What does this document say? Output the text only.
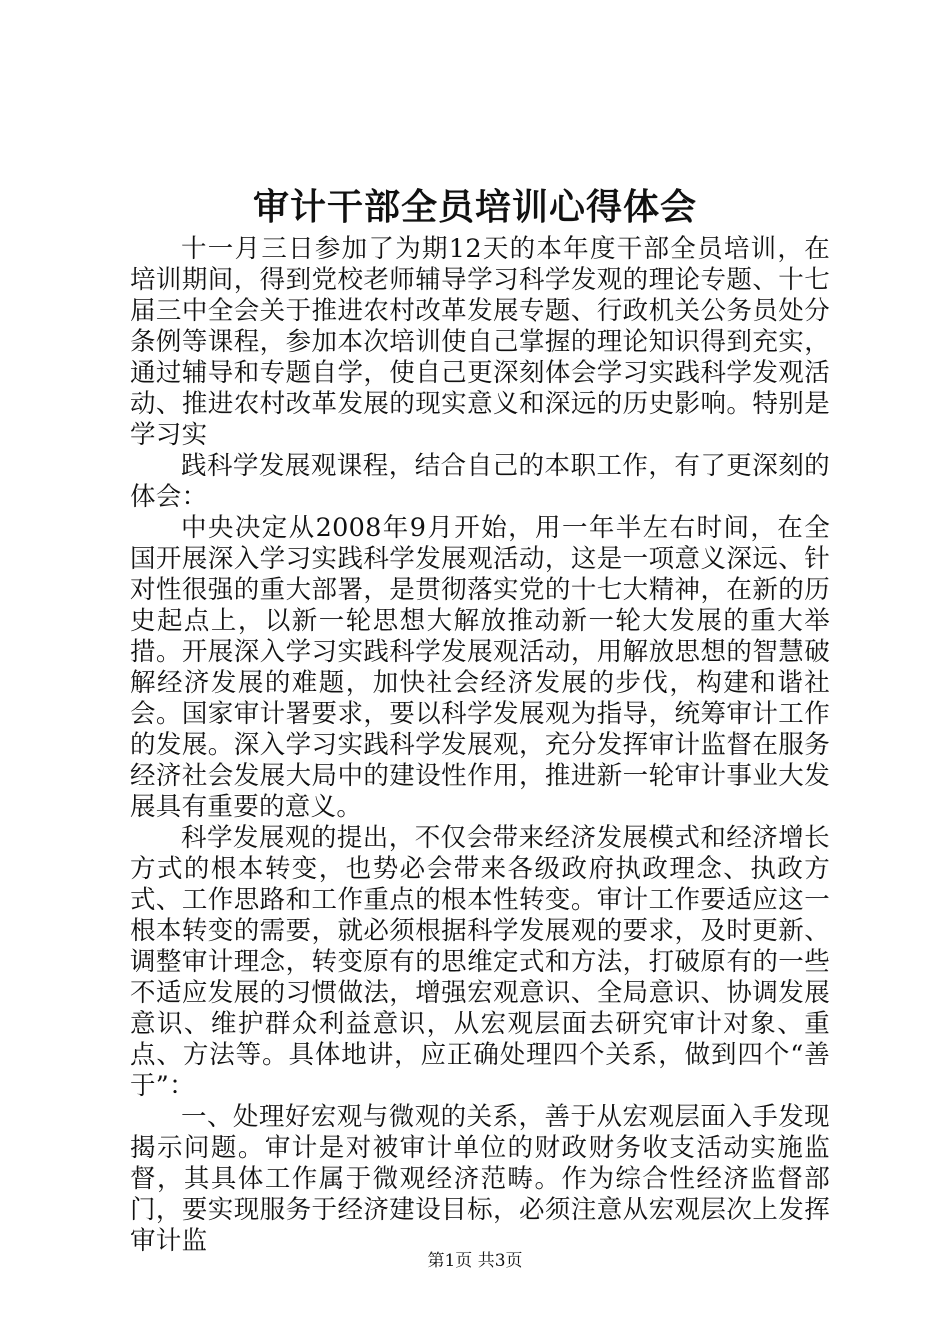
审计干部全员培训心得体会

十一月三日参加了为期12天的本年度干部全员培训，在培训期间，得到党校老师辅导学习科学发观的理论专题、十七届三中全会关于推进农村改革发展专题、行政机关公务员处分条例等课程，参加本次培训使自己掌握的理论知识得到充实，通过辅导和专题自学，使自己更深刻体会学习实践科学发观活动、推进农村改革发展的现实意义和深远的历史影响。特别是学习实

践科学发展观课程，结合自己的本职工作，有了更深刻的体会：

中央决定从2008年9月开始，用一年半左右时间，在全国开展深入学习实践科学发展观活动，这是一项意义深远、针对性很强的重大部署，是贯彻落实党的十七大精神，在新的历史起点上，以新一轮思想大解放推动新一轮大发展的重大举措。开展深入学习实践科学发展观活动，用解放思想的智慧破解经济发展的难题，加快社会经济发展的步伐，构建和谐社会。国家审计署要求，要以科学发展观为指导，统筹审计工作的发展。深入学习实践科学发展观，充分发挥审计监督在服务经济社会发展大局中的建设性作用，推进新一轮审计事业大发展具有重要的意义。

科学发展观的提出，不仅会带来经济发展模式和经济增长方式的根本转变，也势必会带来各级政府执政理念、执政方式、工作思路和工作重点的根本性转变。审计工作要适应这一根本转变的需要，就必须根据科学发展观的要求，及时更新、调整审计理念，转变原有的思维定式和方法，打破原有的一些不适应发展的习惯做法，增强宏观意识、全局意识、协调发展意识、维护群众利益意识，从宏观层面去研究审计对象、重点、方法等。具体地讲，应正确处理四个关系，做到四个“善于”：

一、处理好宏观与微观的关系，善于从宏观层面入手发现揭示问题。审计是对被审计单位的财政财务收支活动实施监督，其具体工作属于微观经济范畴。作为综合性经济监督部门，要实现服务于经济建设目标，必须注意从宏观层次上发挥审计监

第1页 共3页
